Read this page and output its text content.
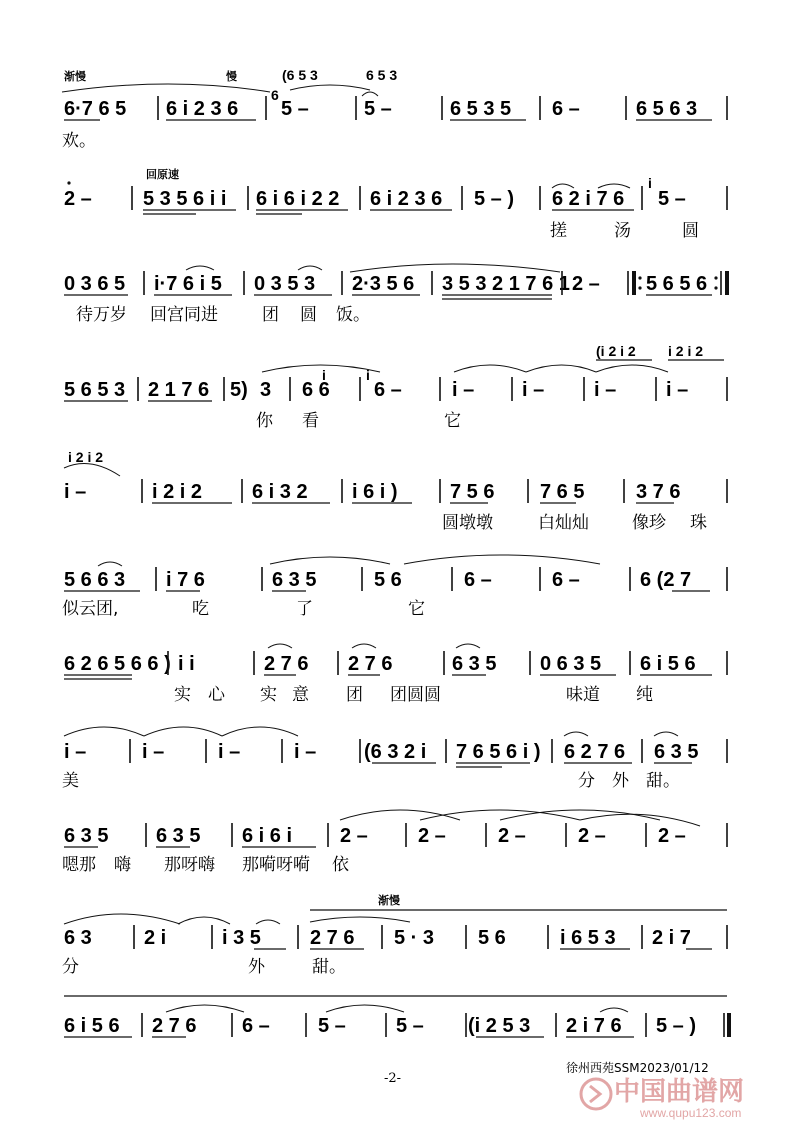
渐慢	慢	(6 5 3	6 5 3
6·7 6 5 6 i 2 3 6
6
5 –	5 –	6 5 3 5 6 –	6 5 6 3
欢。
回原速
2 –	5 3 5 6 i i 6 i 6 i 2 2 6 i 2 3 6 5 – ) 6 2 i 7 6
i
5 –
搓	汤	圆
0 3 6 5 i·7 6 i 5 0 3 5 3 2·3 5 6 3 5 3 2 1 7 6 1 2 – 5 6 5 6
待万岁 回宫同进	团 圆 饭。
(i 2 i 2 i 2 i 2
5 6 5 3 2 1 7 6 5) 3
i
6 6
i
6 –	i – i – i – i –
你 看	它
i 2 i 2
i –	i 2 i 2 6 i 3 2 i 6 i )	7 5 6 7 6 5	3 7 6
圆墩墩	白灿灿	像珍 珠
5 6 6 3 i 7 6	6 3 5	5 6	6 –	6 –	6 (2 7
似云团,	吃	了	它
6 2 6 5 6 6 ) i i	2 7 6 2 7 6	6 3 5 0 6 3 5 6 i 5 6
实 心 实 意 团 团圆圆	味道 纯
i –	i –	i –	i – (6 3 2 i 7 6 5 6 i ) 6 2 7 6 6 3 5
美	分 外 甜。
6 3 5 6 3 5 6 i 6 i 2 –	2 –	2 –	2 –	2 –
嗯那 嗨 那呀嗨 那嗬呀嗬 依
渐慢
6 3	2 i	i 3 5 2 7 6 5 · 3 5 6	i 6 5 3 2 i 7
分	外	甜。
6 i 5 6 2 7 6 6 – 5 –	5 – (i 2 5 3 2 i 7 6 5 – )
-2-
徐州西苑SSM2023/01/12
中国曲谱网
www.qupu123.com
